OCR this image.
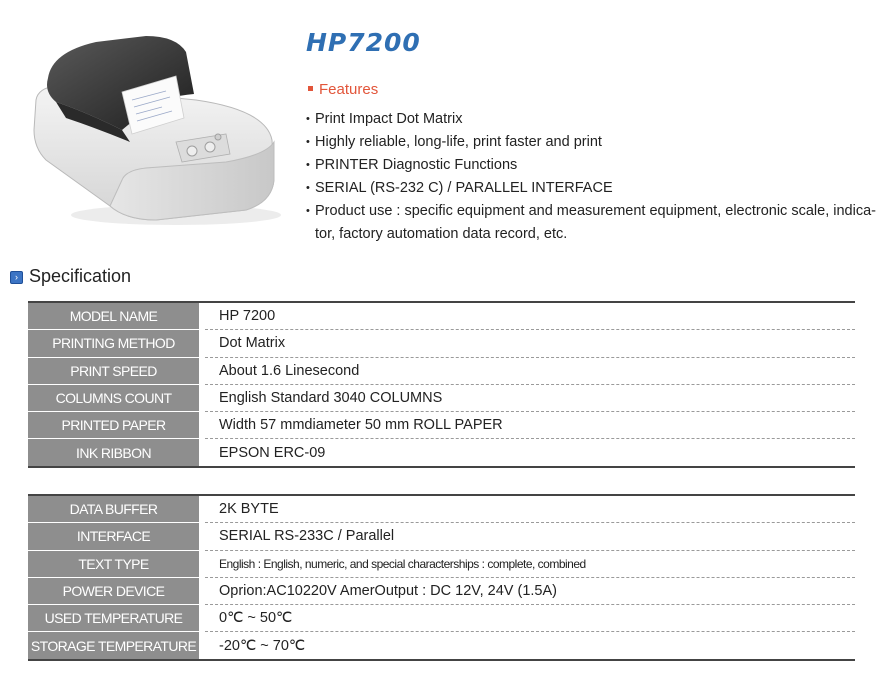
HP7200
Features
• Print Impact Dot Matrix
• Highly reliable, long-life, print faster and print
• PRINTER Diagnostic Functions
• SERIAL (RS-232 C) / PARALLEL INTERFACE
• Product use : specific equipment and measurement equipment, electronic scale, indica- tor, factory automation data record, etc.
› Specification
MODEL NAME		HP 7200
PRINTING METHOD		Dot Matrix
PRINT SPEED		About 1.6 Linesecond
COLUMNS COUNT		English Standard 3040 COLUMNS
PRINTED PAPER		Width 57 mmdiameter 50 mm ROLL PAPER
INK RIBBON		EPSON ERC-09
DATA BUFFER		2K BYTE
INTERFACE		SERIAL RS-233C / Parallel
TEXT TYPE		English : English, numeric, and special characterships : complete, combined
POWER DEVICE		Oprion:AC10220V AmerOutput : DC 12V, 24V (1.5A)
USED TEMPERATURE		0℃ ~ 50℃
STORAGE TEMPERATURE		-20℃ ~ 70℃
